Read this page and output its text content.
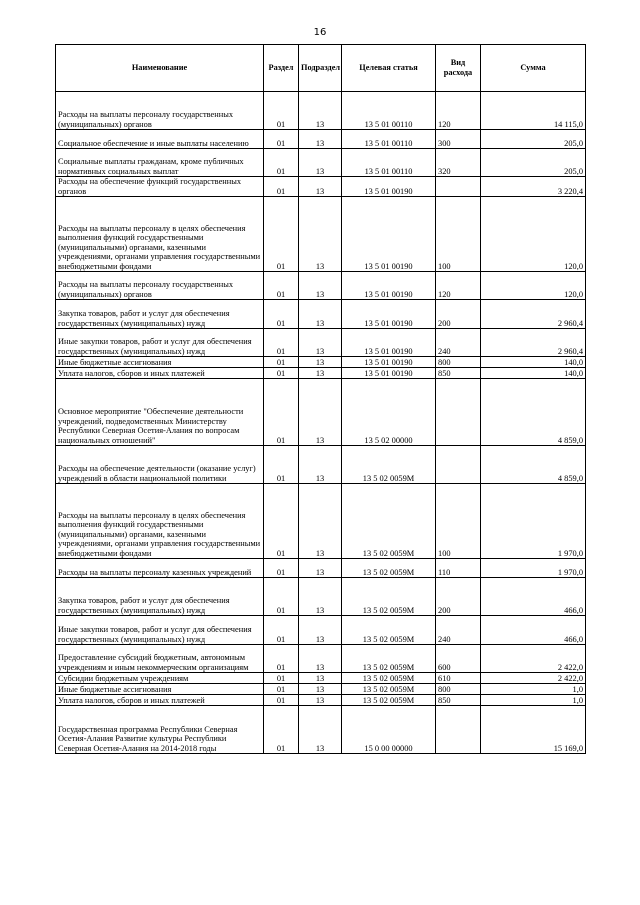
16
Наименование	Раздел	Подраздел	Целевая статья	Вид расхода	Сумма
Расходы на выплаты персоналу государственных (муниципальных) органов	01	13	13 5 01 00110	120	14 115,0
Социальное обеспечение и иные выплаты населению	01	13	13 5 01 00110	300	205,0
Социальные выплаты гражданам, кроме публичных нормативных социальных выплат	01	13	13 5 01 00110	320	205,0
Расходы на обеспечение функций государственных органов	01	13	13 5 01 00190		3 220,4
Расходы на выплаты персоналу в целях обеспечения выполнения функций государственными (муниципальными) органами, казенными учреждениями, органами управления государственными внебюджетными фондами	01	13	13 5 01 00190	100	120,0
Расходы на выплаты персоналу государственных (муниципальных) органов	01	13	13 5 01 00190	120	120,0
Закупка товаров, работ и услуг для обеспечения государственных (муниципальных) нужд	01	13	13 5 01 00190	200	2 960,4
Иные закупки товаров, работ и услуг для обеспечения государственных (муниципальных) нужд	01	13	13 5 01 00190	240	2 960,4
Иные бюджетные ассигнования	01	13	13 5 01 00190	800	140,0
Уплата налогов, сборов и иных платежей	01	13	13 5 01 00190	850	140,0
Основное мероприятие "Обеспечение деятельности учреждений, подведомственных Министерству Республики Северная Осетия-Алания по вопросам национальных отношений"	01	13	13 5 02 00000		4 859,0
Расходы на обеспечение деятельности (оказание услуг) учреждений в области национальной политики	01	13	13 5 02 0059М		4 859,0
Расходы на выплаты персоналу в целях обеспечения выполнения функций государственными (муниципальными) органами, казенными учреждениями, органами управления государственными внебюджетными фондами	01	13	13 5 02 0059М	100	1 970,0
Расходы на выплаты персоналу казенных учреждений	01	13	13 5 02 0059М	110	1 970,0
Закупка товаров, работ и услуг для обеспечения государственных (муниципальных) нужд	01	13	13 5 02 0059М	200	466,0
Иные закупки товаров, работ и услуг для обеспечения государственных (муниципальных) нужд	01	13	13 5 02 0059М	240	466,0
Предоставление субсидий бюджетным, автономным учреждениям и иным некоммерческим организациям	01	13	13 5 02 0059М	600	2 422,0
Субсидии бюджетным учреждениям	01	13	13 5 02 0059М	610	2 422,0
Иные бюджетные ассигнования	01	13	13 5 02 0059М	800	1,0
Уплата налогов, сборов и иных платежей	01	13	13 5 02 0059М	850	1,0
Государственная программа Республики Северная Осетия-Алания Развитие культуры Республики Северная Осетия-Алания на 2014-2018 годы	01	13	15 0 00 00000		15 169,0
